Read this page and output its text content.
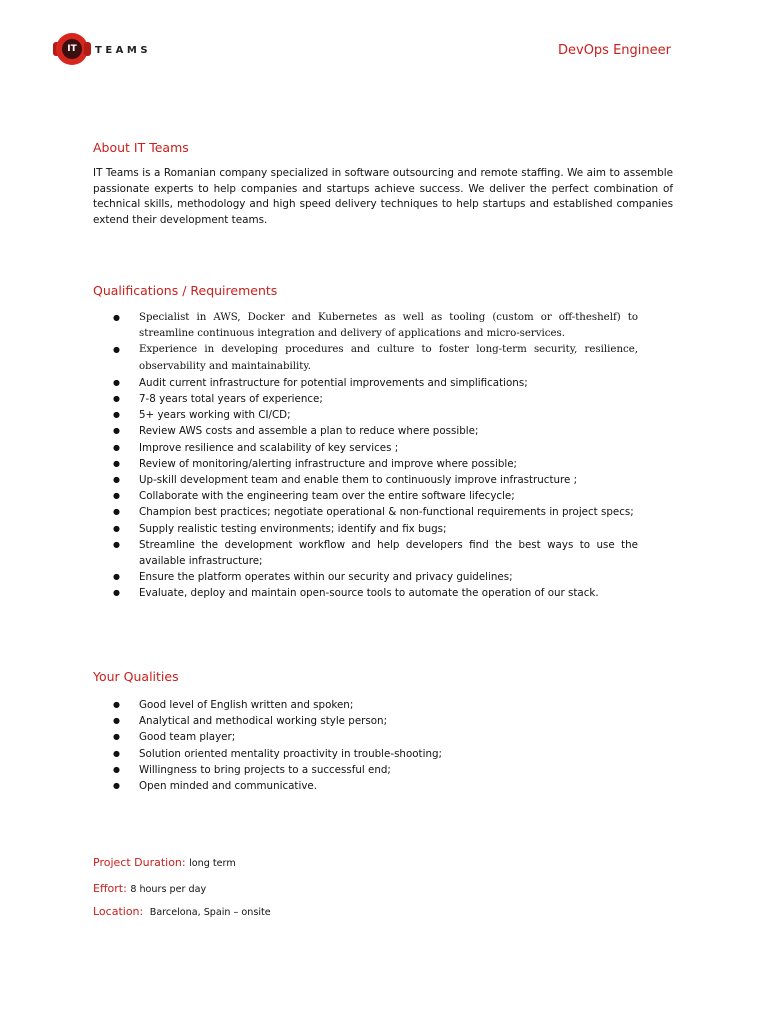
IT	TEAMS	DevOps Engineer
About IT Teams
IT Teams is a Romanian company specialized in software outsourcing and remote staffing. We aim to assemble passionate experts to help companies and startups achieve success. We deliver the perfect combination of technical skills, methodology and high speed delivery techniques to help startups and established companies extend their development teams.
Qualifications / Requirements
● Specialist in AWS, Docker and Kubernetes as well as tooling (custom or off-theshelf) to streamline continuous integration and delivery of applications and micro-services.
● Experience in developing procedures and culture to foster long-term security, resilience, observability and maintainability.
● Audit current infrastructure for potential improvements and simplifications;
● 7-8 years total years of experience;
● 5+ years working with CI/CD;
● Review AWS costs and assemble a plan to reduce where possible;
● Improve resilience and scalability of key services ;
● Review of monitoring/alerting infrastructure and improve where possible;
● Up-skill development team and enable them to continuously improve infrastructure ;
● Collaborate with the engineering team over the entire software lifecycle;
● Champion best practices; negotiate operational & non-functional requirements in project specs;
● Supply realistic testing environments; identify and fix bugs;
● Streamline the development workflow and help developers find the best ways to use the available infrastructure;
● Ensure the platform operates within our security and privacy guidelines;
● Evaluate, deploy and maintain open-source tools to automate the operation of our stack.
Your Qualities
● Good level of English written and spoken;
● Analytical and methodical working style person;
● Good team player;
● Solution oriented mentality proactivity in trouble-shooting;
● Willingness to bring projects to a successful end;
● Open minded and communicative.
Project Duration: long term
Effort: 8 hours per day
Location: Barcelona, Spain – onsite
